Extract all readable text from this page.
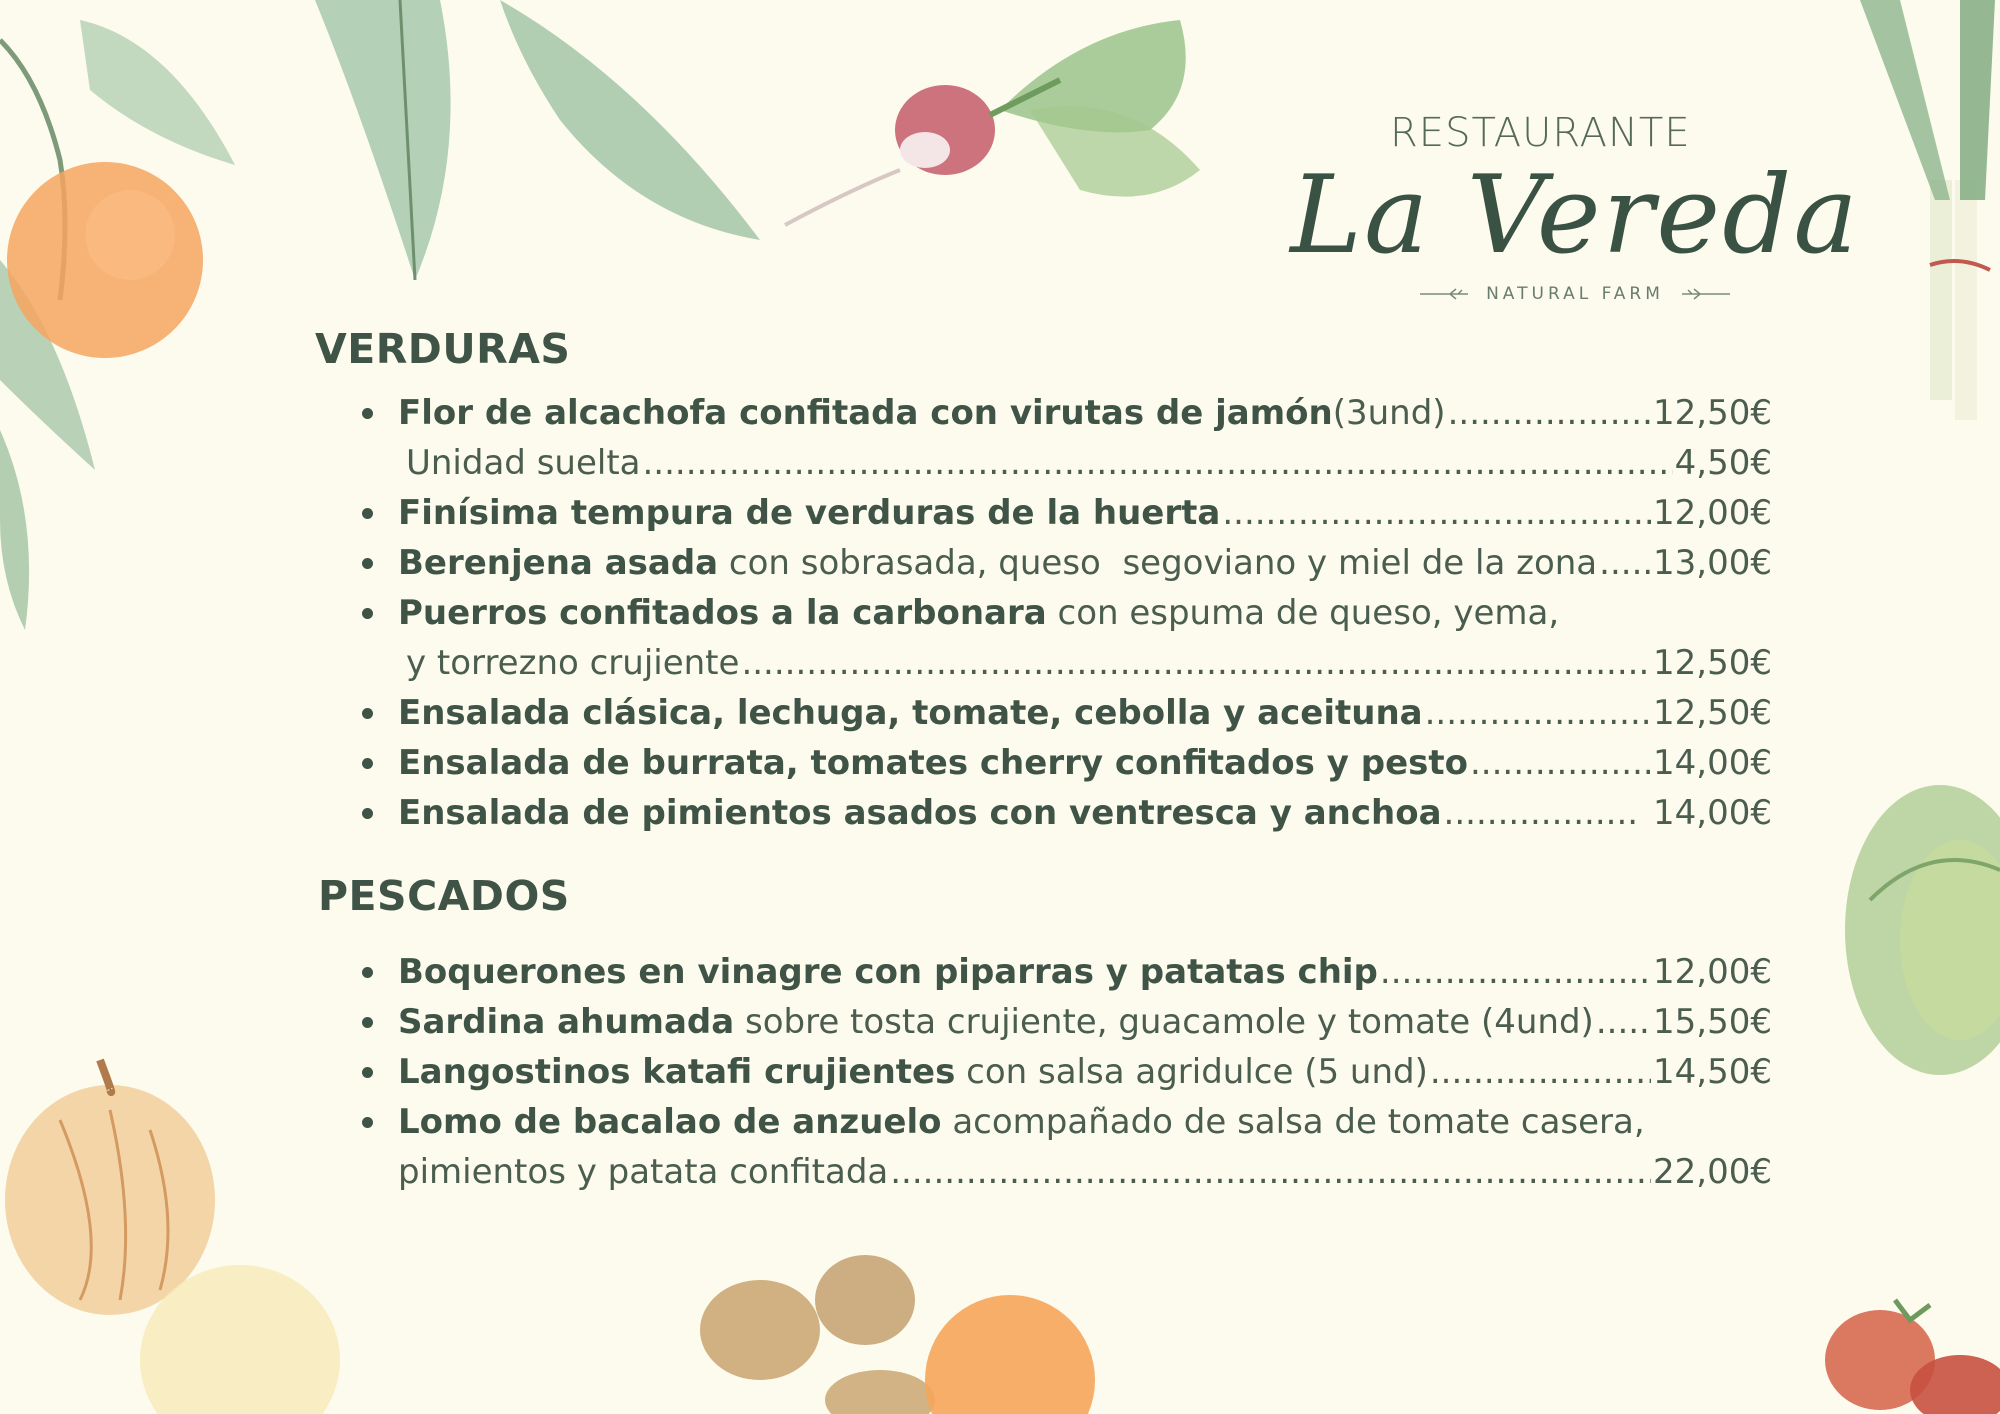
RESTAURANTE
La Vereda
NATURAL FARM
VERDURAS
Flor de alcachofa confitada con virutas de jamón (3und) .....	12,50€
Unidad suelta .....	4,50€
Finísima tempura de verduras de la huerta .....	12,00€
Berenjena asada con sobrasada, queso  segoviano y miel de la zona ..... 13,00€
Puerros confitados a la carbonara con espuma de queso, yema,
y torrezno crujiente .....	12,50€
Ensalada clásica, lechuga, tomate, cebolla y aceituna .....	12,50€
Ensalada de burrata, tomates cherry confitados y pesto .....	14,00€
Ensalada de pimientos asados con ventresca y anchoa .....	14,00€
PESCADOS
Boquerones en vinagre con piparras y patatas chip .....	12,00€
Sardina ahumada sobre tosta crujiente, guacamole y tomate (4und) ..... 15,50€
Langostinos katafi crujientes con salsa agridulce (5 und) .....	14,50€
Lomo de bacalao de anzuelo acompañado de salsa de tomate casera,
pimientos y patata confitada .....	22,00€
